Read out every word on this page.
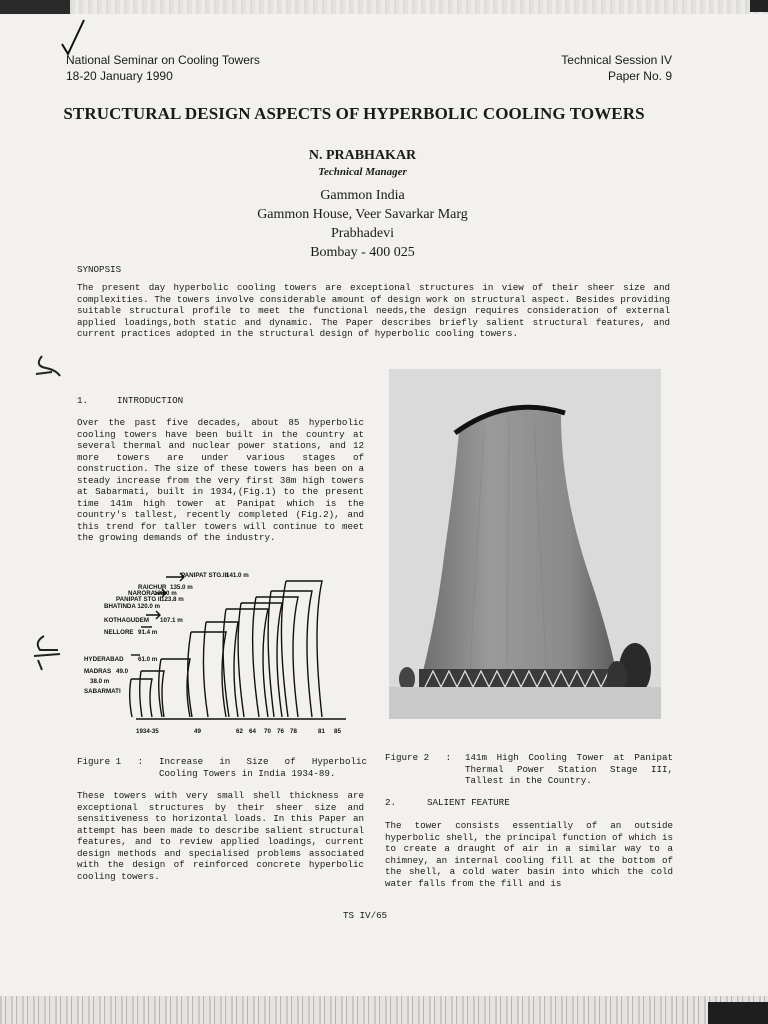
National Seminar on Cooling Towers
18-20 January 1990
Technical Session IV
Paper No. 9
STRUCTURAL DESIGN ASPECTS OF HYPERBOLIC COOLING TOWERS
N. PRABHAKAR
Technical Manager
Gammon India
Gammon House, Veer Savarkar Marg
Prabhadevi
Bombay - 400 025
SYNOPSIS
The present day hyperbolic cooling towers are exceptional structures in view of their sheer size and complexities. The towers involve considerable amount of design work on structural aspect. Besides providing suitable structural profile to meet the functional needs,the design requires consideration of external applied loadings,both static and dynamic. The Paper describes briefly salient structural features, and current practices adopted in the structural design of hyperbolic cooling towers.
1.	INTRODUCTION
Over the past five decades, about 85 hyperbolic cooling towers have been built in the country at several thermal and nuclear power stations, and 12 more towers are under various stages of construction. The size of these towers has been on a steady increase from the very first 38m high towers at Sabarmati, built in 1934,(Fig.1) to the present time 141m high tower at Panipat which is the country's tallest, recently completed (Fig.2), and this trend for taller towers will continue to meet the growing demands of the industry.
PANIPAT STG.III
141.0 m
RAICHUR 135.0 m
NARORA
128.0 m
PANIPAT STG II 123.8 m
BHATINDA 120.0 m
KOTHAGUDEM 107.1 m
NELLORE 91.4 m
HYDERABAD 61.0 m
MADRAS 49.0
38.0 m
SABARMATI
1934-35	49	62 64 70 76 78	81 85
Figure 1   :	Increase in Size of Hyperbolic Cooling Towers in India 1934-89.
Figure 2   :	141m High Cooling Tower at Panipat Thermal Power Station Stage III, Tallest in the Country.
These towers with very small shell thickness are exceptional structures by their sheer size and sensitiveness to horizontal loads. In this Paper an attempt has been made to describe salient structural features, and to review applied loadings, current design methods and specialised problems associated with the design of reinforced concrete hyperbolic cooling towers.
2.	SALIENT FEATURE
The tower consists essentially of an outside hyperbolic shell, the principal function of which is to create a draught of air in a similar way to a chimney, an internal cooling fill at the bottom of the shell, a cold water basin into which the cold water falls from the fill and is
TS IV/65
